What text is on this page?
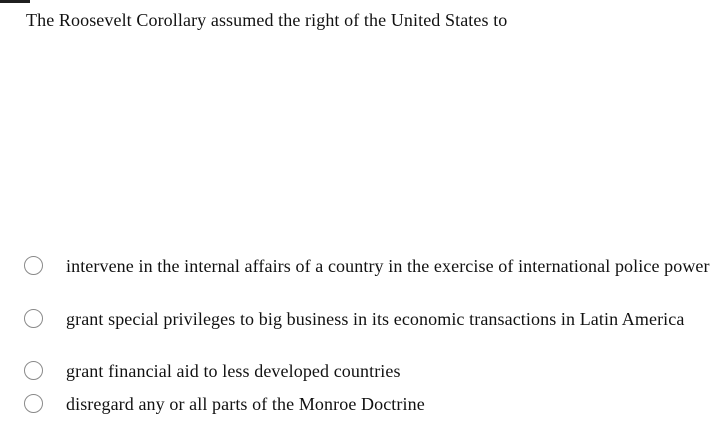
The Roosevelt Corollary assumed the right of the United States to
intervene in the internal affairs of a country in the exercise of international police power
grant special privileges to big business in its economic transactions in Latin America
grant financial aid to less developed countries
disregard any or all parts of the Monroe Doctrine
